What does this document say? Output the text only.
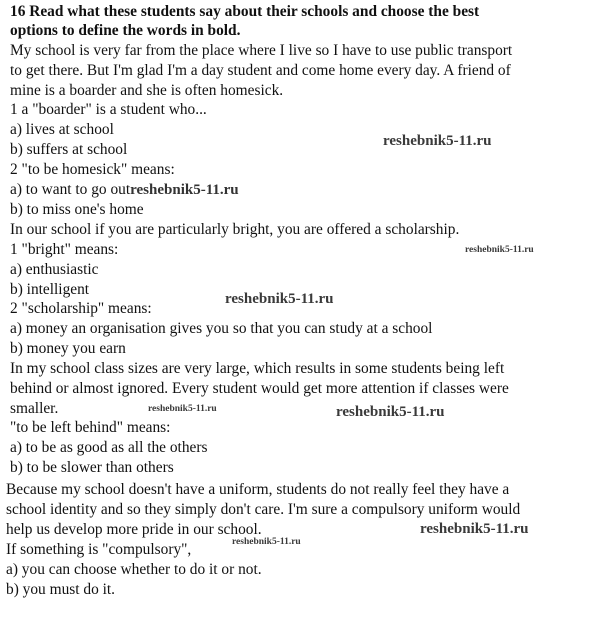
16 Read what these students say about their schools and choose the best
options to define the words in bold.
My school is very far from the place where I live so I have to use public transport
to get there. But I'm glad I'm a day student and come home every day. A friend of
mine is a boarder and she is often homesick.
1 a "boarder" is a student who...
a) lives at school
b) suffers at school
2 "to be homesick" means:
a) to want to go outreshebnik5-11.ru
b) to miss one's home
In our school if you are particularly bright, you are offered a scholarship.
1 "bright" means:
a) enthusiastic
b) intelligent
2 "scholarship" means:
a) money an organisation gives you so that you can study at a school
b) money you earn
In my school class sizes are very large, which results in some students being left
behind or almost ignored. Every student would get more attention if classes were
smaller.
"to be left behind" means:
a) to be as good as all the others
b) to be slower than others
Because my school doesn't have a uniform, students do not really feel they have a
school identity and so they simply don't care. I'm sure a compulsory uniform would
help us develop more pride in our school.
If something is "compulsory",
a) you can choose whether to do it or not.
b) you must do it.
reshebnik5-11.ru
reshebnik5-11.ru
reshebnik5-11.ru
reshebnik5-11.ru	reshebnik5-11.ru
reshebnik5-11.ru
reshebnik5-11.ru
